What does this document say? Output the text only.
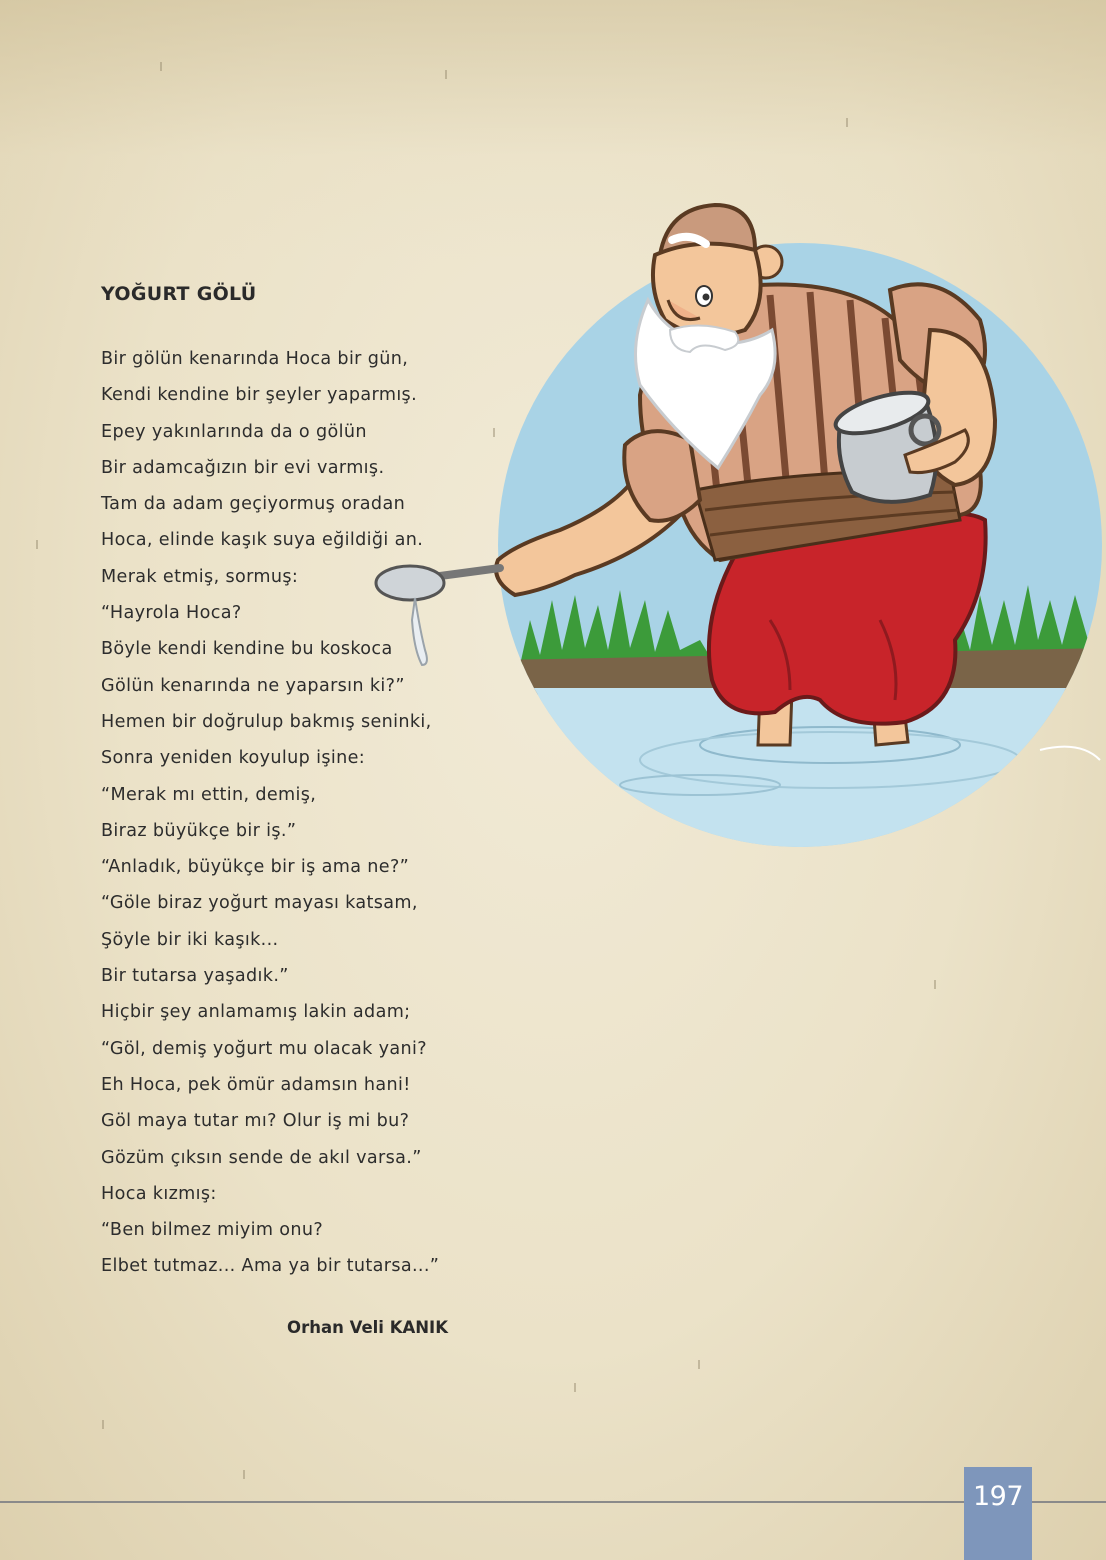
YOĞURT GÖLÜ
Bir gölün kenarında Hoca bir gün,
Kendi kendine bir şeyler yaparmış.
Epey yakınlarında da o gölün
Bir adamcağızın bir evi varmış.
Tam da adam geçiyormuş oradan
Hoca, elinde kaşık suya eğildiği an.
Merak etmiş, sormuş:
“Hayrola Hoca?
Böyle kendi kendine bu koskoca
Gölün kenarında ne yaparsın ki?”
Hemen bir doğrulup bakmış seninki,
Sonra yeniden koyulup işine:
“Merak mı ettin, demiş,
Biraz büyükçe bir iş.”
“Anladık, büyükçe bir iş ama ne?”
“Göle biraz yoğurt mayası katsam,
Şöyle bir iki kaşık...
Bir tutarsa yaşadık.”
Hiçbir şey anlamamış lakin adam;
“Göl, demiş yoğurt mu olacak yani?
Eh Hoca, pek ömür adamsın hani!
Göl maya tutar mı? Olur iş mi bu?
Gözüm çıksın sende de akıl varsa.”
Hoca kızmış:
“Ben bilmez miyim onu?
Elbet tutmaz... Ama ya bir tutarsa...”
Orhan Veli KANIK
197
